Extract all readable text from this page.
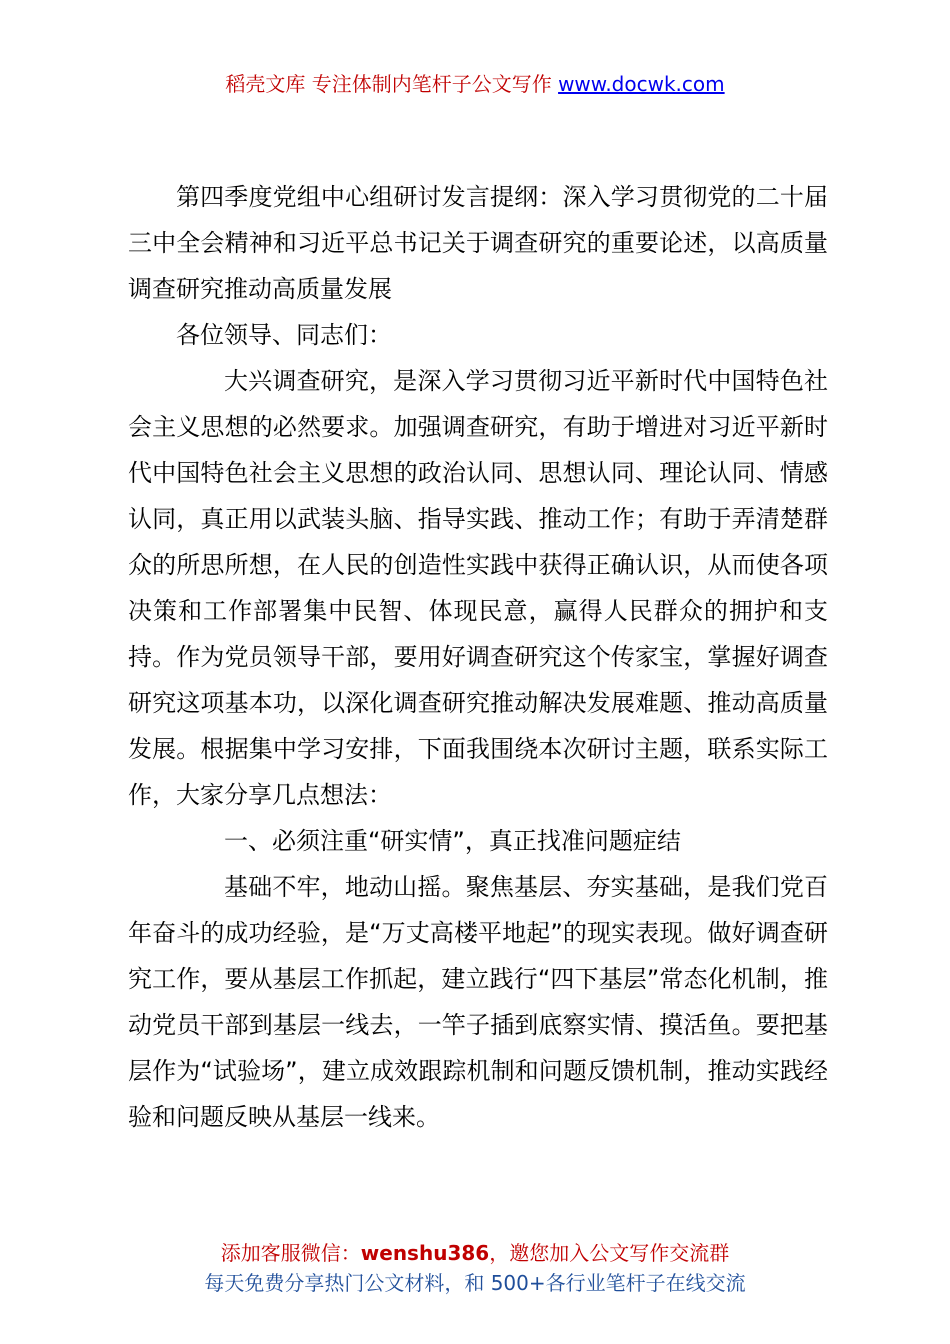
稻壳文库 专注体制内笔杆子公文写作 www.docwk.com

第四季度党组中心组研讨发言提纲：深入学习贯彻党的二十届三中全会精神和习近平总书记关于调查研究的重要论述，以高质量调查研究推动高质量发展

各位领导、同志们：

大兴调查研究，是深入学习贯彻习近平新时代中国特色社会主义思想的必然要求。加强调查研究，有助于增进对习近平新时代中国特色社会主义思想的政治认同、思想认同、理论认同、情感认同，真正用以武装头脑、指导实践、推动工作；有助于弄清楚群众的所思所想，在人民的创造性实践中获得正确认识，从而使各项决策和工作部署集中民智、体现民意，赢得人民群众的拥护和支持。作为党员领导干部，要用好调查研究这个传家宝，掌握好调查研究这项基本功，以深化调查研究推动解决发展难题、推动高质量发展。根据集中学习安排，下面我围绕本次研讨主题，联系实际工作，大家分享几点想法：

一、必须注重“研实情”，真正找准问题症结

基础不牢，地动山摇。聚焦基层、夯实基础，是我们党百年奋斗的成功经验，是“万丈高楼平地起”的现实表现。做好调查研究工作，要从基层工作抓起，建立践行“四下基层”常态化机制，推动党员干部到基层一线去，一竿子插到底察实情、摸活鱼。要把基层作为“试验场”，建立成效跟踪机制和问题反馈机制，推动实践经验和问题反映从基层一线来。

添加客服微信：wenshu386，邀您加入公文写作交流群
每天免费分享热门公文材料，和 500+各行业笔杆子在线交流
